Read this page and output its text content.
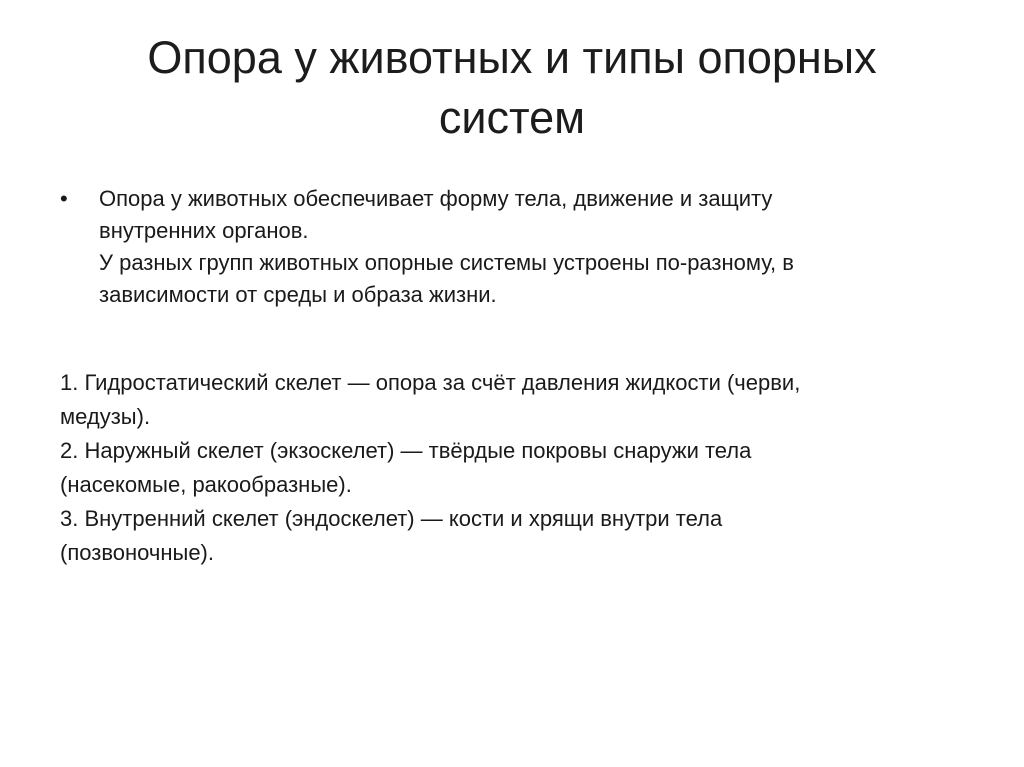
Опора у животных и типы опорных
систем
• Опора у животных обеспечивает форму тела, движение и защиту
внутренних органов.
У разных групп животных опорные системы устроены по-разному, в
зависимости от среды и образа жизни.

1. Гидростатический скелет — опора за счёт давления жидкости (черви,

медузы).

2. Наружный скелет (экзоскелет) — твёрдые покровы снаружи тела

(насекомые, ракообразные).

3. Внутренний скелет (эндоскелет) — кости и хрящи внутри тела

(позвоночные).
